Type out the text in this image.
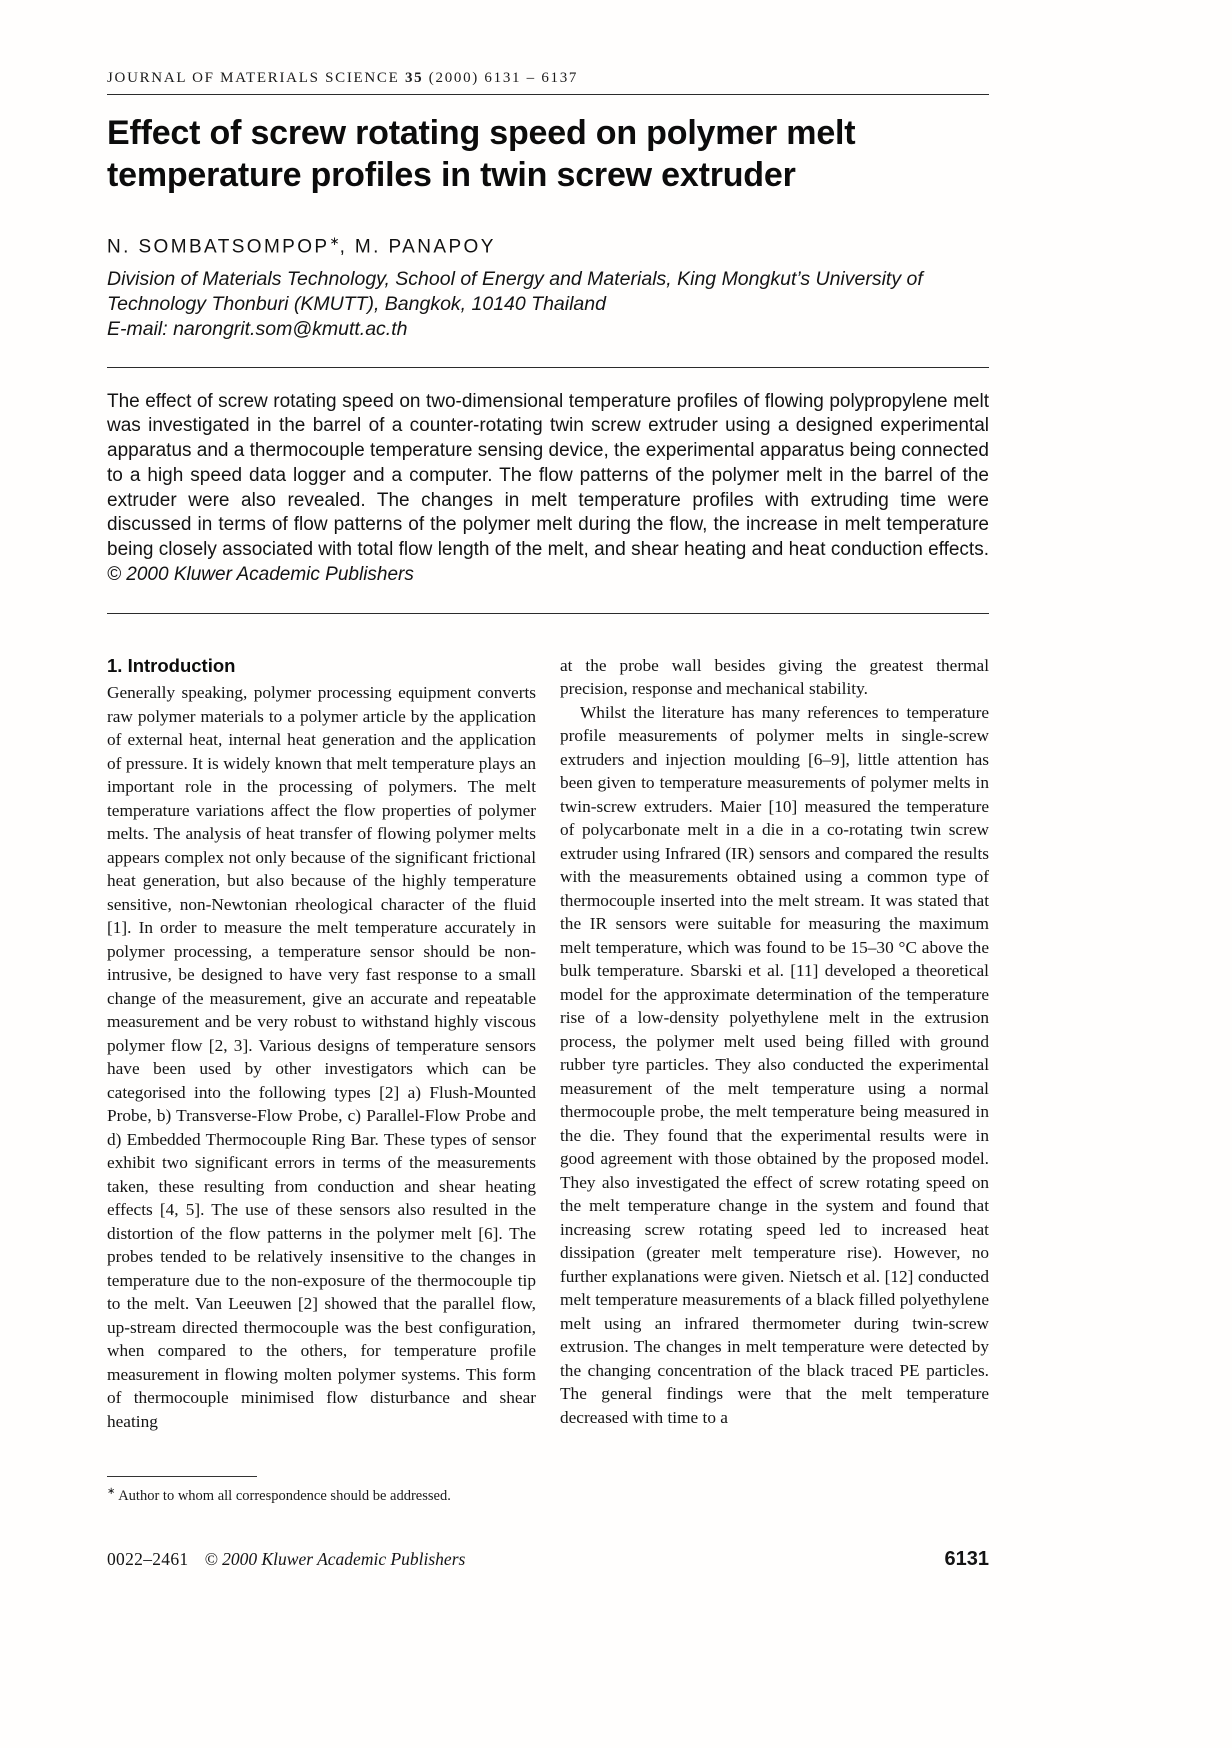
JOURNAL OF MATERIALS SCIENCE 35 (2000) 6131 – 6137
Effect of screw rotating speed on polymer melt temperature profiles in twin screw extruder
N. SOMBATSOMPOP∗, M. PANAPOY
Division of Materials Technology, School of Energy and Materials, King Mongkut’s University of Technology Thonburi (KMUTT), Bangkok, 10140 Thailand
E-mail: narongrit.som@kmutt.ac.th

The effect of screw rotating speed on two-dimensional temperature profiles of flowing polypropylene melt was investigated in the barrel of a counter-rotating twin screw extruder using a designed experimental apparatus and a thermocouple temperature sensing device, the experimental apparatus being connected to a high speed data logger and a computer. The flow patterns of the polymer melt in the barrel of the extruder were also revealed. The changes in melt temperature profiles with extruding time were discussed in terms of flow patterns of the polymer melt during the flow, the increase in melt temperature being closely associated with total flow length of the melt, and shear heating and heat conduction effects. © 2000 Kluwer Academic Publishers

1. Introduction

Generally speaking, polymer processing equipment converts raw polymer materials to a polymer article by the application of external heat, internal heat generation and the application of pressure. It is widely known that melt temperature plays an important role in the processing of polymers. The melt temperature variations affect the flow properties of polymer melts. The analysis of heat transfer of flowing polymer melts appears complex not only because of the significant frictional heat generation, but also because of the highly temperature sensitive, non-Newtonian rheological character of the fluid [1]. In order to measure the melt temperature accurately in polymer processing, a temperature sensor should be non-intrusive, be designed to have very fast response to a small change of the measurement, give an accurate and repeatable measurement and be very robust to withstand highly viscous polymer flow [2, 3]. Various designs of temperature sensors have been used by other investigators which can be categorised into the following types [2] a) Flush-Mounted Probe, b) Transverse-Flow Probe, c) Parallel-Flow Probe and d) Embedded Thermocouple Ring Bar. These types of sensor exhibit two significant errors in terms of the measurements taken, these resulting from conduction and shear heating effects [4, 5]. The use of these sensors also resulted in the distortion of the flow patterns in the polymer melt [6]. The probes tended to be relatively insensitive to the changes in temperature due to the non-exposure of the thermocouple tip to the melt. Van Leeuwen [2] showed that the parallel flow, up-stream directed thermocouple was the best configuration, when compared to the others, for temperature profile measurement in flowing molten polymer systems. This form of thermocouple minimised flow disturbance and shear heating

at the probe wall besides giving the greatest thermal precision, response and mechanical stability.

Whilst the literature has many references to temperature profile measurements of polymer melts in single-screw extruders and injection moulding [6–9], little attention has been given to temperature measurements of polymer melts in twin-screw extruders. Maier [10] measured the temperature of polycarbonate melt in a die in a co-rotating twin screw extruder using Infrared (IR) sensors and compared the results with the measurements obtained using a common type of thermocouple inserted into the melt stream. It was stated that the IR sensors were suitable for measuring the maximum melt temperature, which was found to be 15–30 °C above the bulk temperature. Sbarski et al. [11] developed a theoretical model for the approximate determination of the temperature rise of a low-density polyethylene melt in the extrusion process, the polymer melt used being filled with ground rubber tyre particles. They also conducted the experimental measurement of the melt temperature using a normal thermocouple probe, the melt temperature being measured in the die. They found that the experimental results were in good agreement with those obtained by the proposed model. They also investigated the effect of screw rotating speed on the melt temperature change in the system and found that increasing screw rotating speed led to increased heat dissipation (greater melt temperature rise). However, no further explanations were given. Nietsch et al. [12] conducted melt temperature measurements of a black filled polyethylene melt using an infrared thermometer during twin-screw extrusion. The changes in melt temperature were detected by the changing concentration of the black traced PE particles. The general findings were that the melt temperature decreased with time to a

∗ Author to whom all correspondence should be addressed.
0022–2461 © 2000 Kluwer Academic Publishers	6131
